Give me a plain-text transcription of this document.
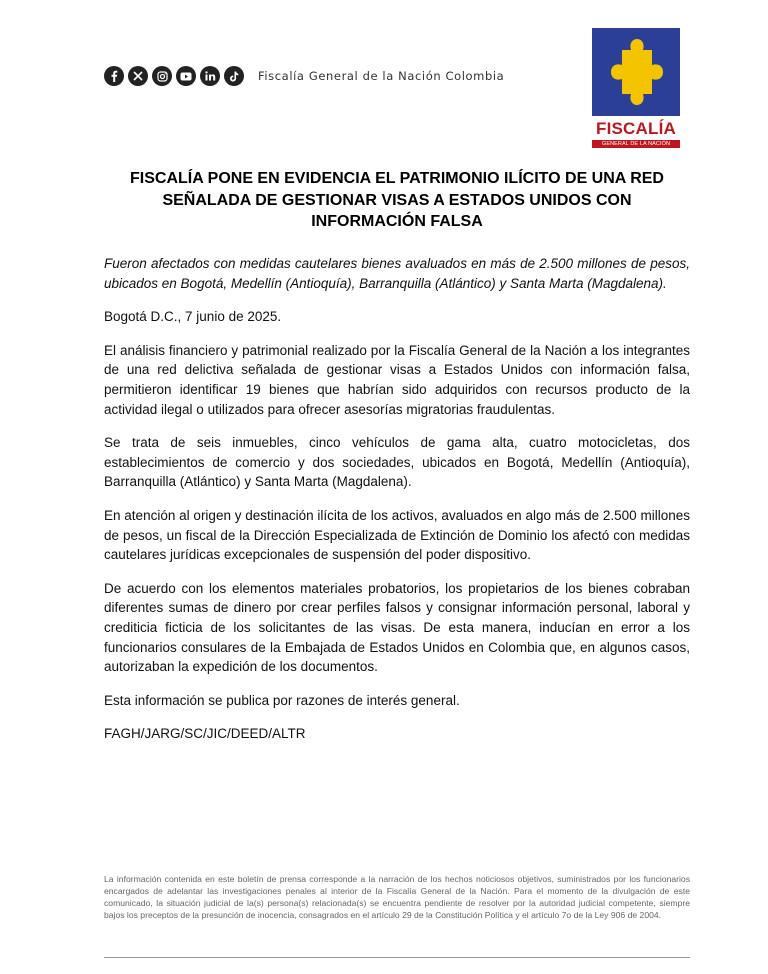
Fiscalía General de la Nación Colombia
FISCALÍA
GENERAL DE LA NACIÓN
FISCALÍA PONE EN EVIDENCIA EL PATRIMONIO ILÍCITO DE UNA RED SEÑALADA DE GESTIONAR VISAS A ESTADOS UNIDOS CON INFORMACIÓN FALSA

Fueron afectados con medidas cautelares bienes avaluados en más de 2.500 millones de pesos, ubicados en Bogotá, Medellín (Antioquía), Barranquilla (Atlántico) y Santa Marta (Magdalena).

Bogotá D.C., 7 junio de 2025.

El análisis financiero y patrimonial realizado por la Fiscalía General de la Nación a los integrantes de una red delictiva señalada de gestionar visas a Estados Unidos con información falsa, permitieron identificar 19 bienes que habrían sido adquiridos con recursos producto de la actividad ilegal o utilizados para ofrecer asesorías migratorias fraudulentas.

Se trata de seis inmuebles, cinco vehículos de gama alta, cuatro motocicletas, dos establecimientos de comercio y dos sociedades, ubicados en Bogotá, Medellín (Antioquía), Barranquilla (Atlántico) y Santa Marta (Magdalena).

En atención al origen y destinación ilícita de los activos, avaluados en algo más de 2.500 millones de pesos, un fiscal de la Dirección Especializada de Extinción de Dominio los afectó con medidas cautelares jurídicas excepcionales de suspensión del poder dispositivo.

De acuerdo con los elementos materiales probatorios, los propietarios de los bienes cobraban diferentes sumas de dinero por crear perfiles falsos y consignar información personal, laboral y crediticia ficticia de los solicitantes de las visas. De esta manera, inducían en error a los funcionarios consulares de la Embajada de Estados Unidos en Colombia que, en algunos casos, autorizaban la expedición de los documentos.

Esta información se publica por razones de interés general.

FAGH/JARG/SC/JIC/DEED/ALTR

La información contenida en este boletín de prensa corresponde a la narración de los hechos noticiosos objetivos, suministrados por los funcionarios encargados de adelantar las investigaciones penales al interior de la Fiscalía General de la Nación. Para el momento de la divulgación de este comunicado, la situación judicial de la(s) persona(s) relacionada(s) se encuentra pendiente de resolver por la autoridad judicial competente, siempre bajos los preceptos de la presunción de inocencia, consagrados en el artículo 29 de la Constitución Política y el artículo 7o de la Ley 906 de 2004.
